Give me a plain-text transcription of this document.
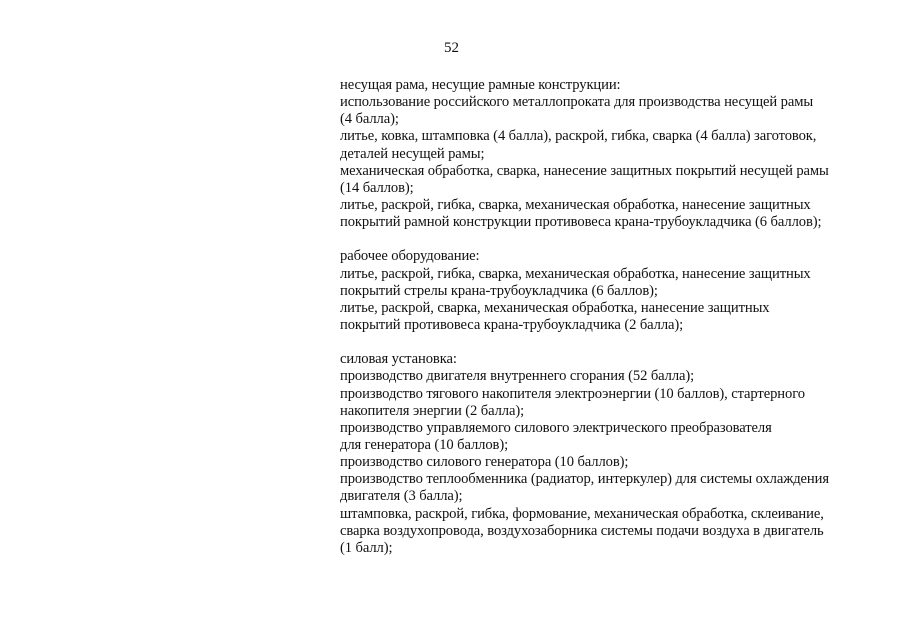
52
несущая рама, несущие рамные конструкции:
использование российского металлопроката для производства несущей рамы
(4 балла);
литье, ковка, штамповка (4 балла), раскрой, гибка, сварка (4 балла) заготовок,
деталей несущей рамы;
механическая обработка, сварка, нанесение защитных покрытий несущей рамы
(14 баллов);
литье, раскрой, гибка, сварка, механическая обработка, нанесение защитных
покрытий рамной конструкции противовеса крана-трубоукладчика (6 баллов);
рабочее оборудование:
литье, раскрой, гибка, сварка, механическая обработка, нанесение защитных
покрытий стрелы крана-трубоукладчика (6 баллов);
литье, раскрой, сварка, механическая обработка, нанесение защитных
покрытий противовеса крана-трубоукладчика (2 балла);
силовая установка:
производство двигателя внутреннего сгорания (52 балла);
производство тягового накопителя электроэнергии (10 баллов), стартерного
накопителя энергии (2 балла);
производство управляемого силового электрического преобразователя
для генератора (10 баллов);
производство силового генератора (10 баллов);
производство теплообменника (радиатор, интеркулер) для системы охлаждения
двигателя (3 балла);
штамповка, раскрой, гибка, формование, механическая обработка, склеивание,
сварка воздухопровода, воздухозаборника системы подачи воздуха в двигатель
(1 балл);
